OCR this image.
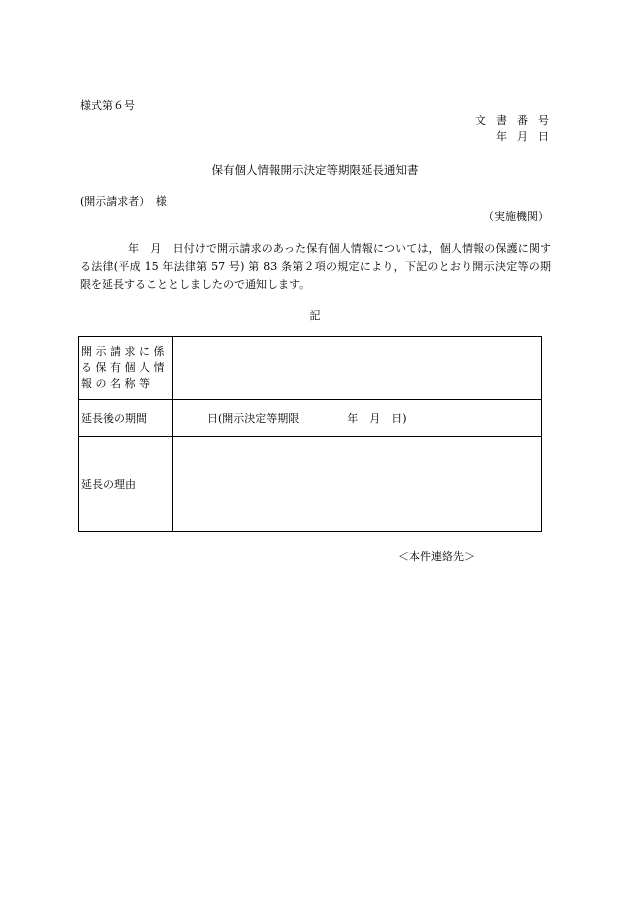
様式第６号
文書番号
年月日
保有個人情報開示決定等期限延長通知書
(開示請求者）　様
（実施機関）
年　月　日付けで開示請求のあった保有個人情報については，個人情報の保護に関する法律(平成 15 年法律第 57 号) 第 83 条第２項の規定により，下記のとおり開示決定等の期限を延長することとしましたので通知します。
記
開示請求に係る保有個人情報の名称等	

延長後の期間	日(開示決定等期限 年　月　日)
延長の理由	
＜本件連絡先＞
